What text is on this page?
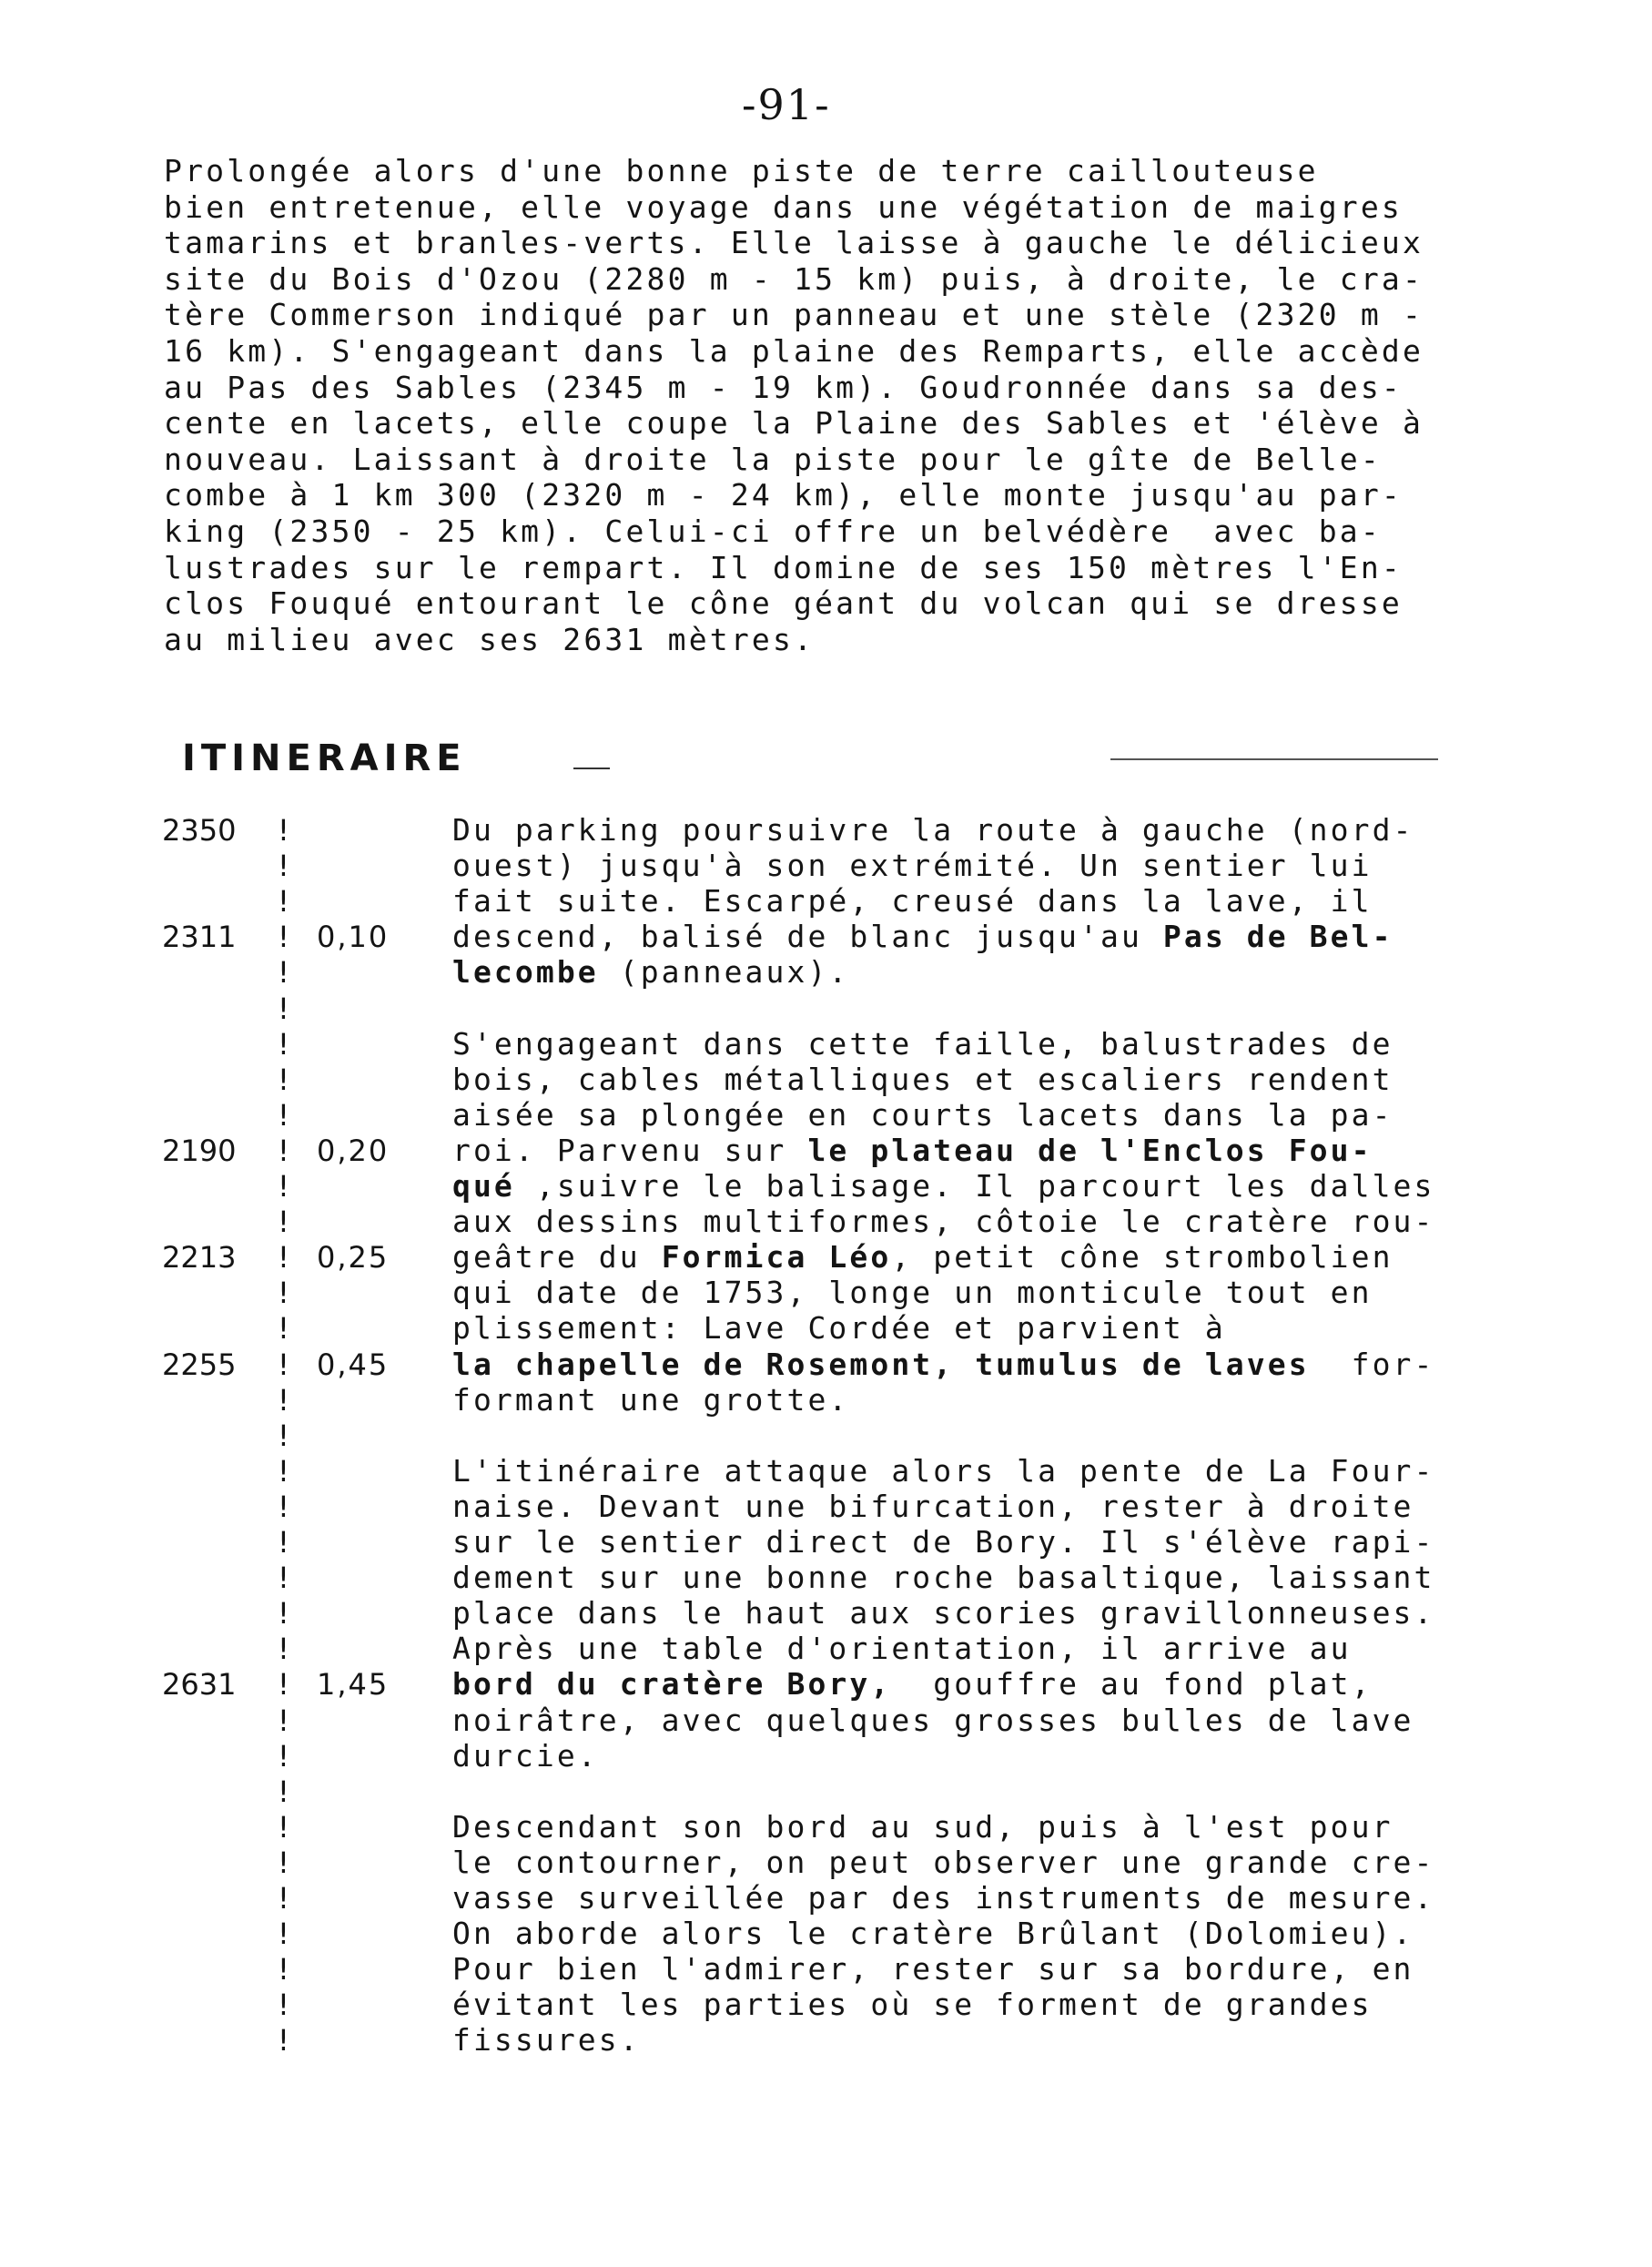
-91-
Prolongée alors d'une bonne piste de terre caillouteuse
bien entretenue, elle voyage dans une végétation de maigres
tamarins et branles-verts. Elle laisse à gauche le délicieux
site du Bois d'Ozou (2280 m - 15 km) puis, à droite, le cra-
tère Commerson indiqué par un panneau et une stèle (2320 m -
16 km). S'engageant dans la plaine des Remparts, elle accède
au Pas des Sables (2345 m - 19 km). Goudronnée dans sa des-
cente en lacets, elle coupe la Plaine des Sables et 'élève à
nouveau. Laissant à droite la piste pour le gîte de Belle-
combe à 1 km 300 (2320 m - 24 km), elle monte jusqu'au par-
king (2350 - 25 km). Celui-ci offre un belvédère  avec ba-
lustrades sur le rempart. Il domine de ses 150 mètres l'En-
clos Fouqué entourant le cône géant du volcan qui se dresse
au milieu avec ses 2631 mètres.
ITINERAIRE
2350	!	Du parking poursuivre la route à gauche (nord-
!	ouest) jusqu'à son extrémité. Un sentier lui
!	fait suite. Escarpé, creusé dans la lave, il
2311	! 0,10 descend, balisé de blanc jusqu'au Pas de Bel-
!	lecombe (panneaux).
!
!	S'engageant dans cette faille, balustrades de
!	bois, cables métalliques et escaliers rendent
!	aisée sa plongée en courts lacets dans la pa-
2190	! 0,20 roi. Parvenu sur le plateau de l'Enclos Fou-
!	qué ,suivre le balisage. Il parcourt les dalles
!	aux dessins multiformes, côtoie le cratère rou-
2213	! 0,25 geâtre du Formica Léo, petit cône strombolien
!	qui date de 1753, longe un monticule tout en
!	plissement: Lave Cordée et parvient à
2255	! 0,45 la chapelle de Rosemont, tumulus de laves  for-
!	formant une grotte.
!
!	L'itinéraire attaque alors la pente de La Four-
!	naise. Devant une bifurcation, rester à droite
!	sur le sentier direct de Bory. Il s'élève rapi-
!	dement sur une bonne roche basaltique, laissant
!	place dans le haut aux scories gravillonneuses.
!	Après une table d'orientation, il arrive au
2631	! 1,45 bord du cratère Bory,  gouffre au fond plat,
!	noirâtre, avec quelques grosses bulles de lave
!	durcie.
!
!	Descendant son bord au sud, puis à l'est pour
!	le contourner, on peut observer une grande cre-
!	vasse surveillée par des instruments de mesure.
!	On aborde alors le cratère Brûlant (Dolomieu).
!	Pour bien l'admirer, rester sur sa bordure, en
!	évitant les parties où se forment de grandes
!	fissures.
